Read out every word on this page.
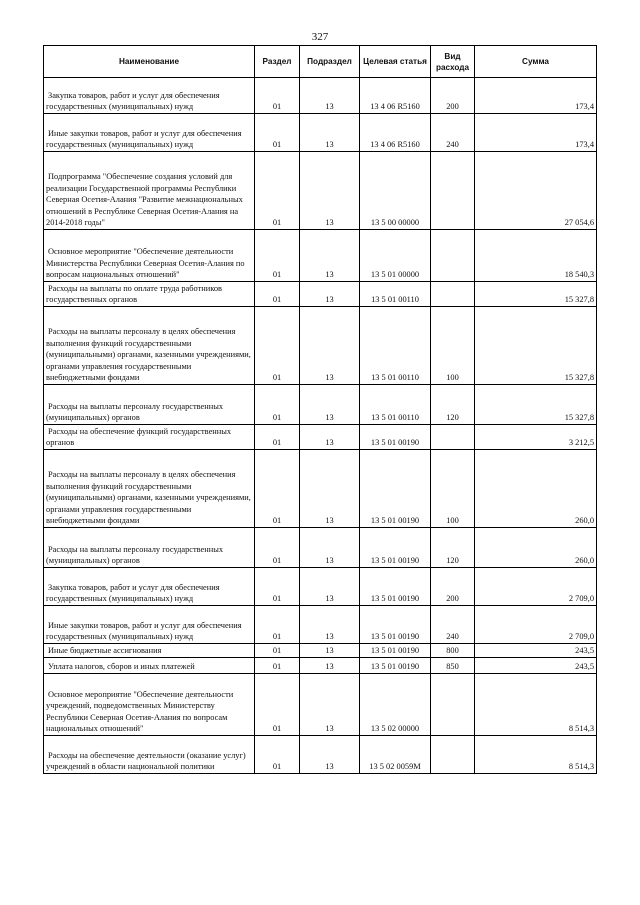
327
Наименование	Раздел	Подраздел	Целевая статья	Вид расхода	Сумма
Закупка товаров, работ и услуг для обеспечения государственных (муниципальных) нужд	01	13	13 4 06 R5160	200	173,4
Иные закупки товаров, работ и услуг для обеспечения государственных (муниципальных) нужд	01	13	13 4 06 R5160	240	173,4
Подпрограмма "Обеспечение создания условий для реализации Государственной программы Республики Северная Осетия-Алания "Развитие межнациональных отношений в Республике Северная Осетия-Алания на 2014-2018 годы"	01	13	13 5 00 00000		27 054,6
Основное мероприятие "Обеспечение деятельности Министерства Республики Северная Осетия-Алания по вопросам национальных отношений"	01	13	13 5 01 00000		18 540,3
Расходы на выплаты по оплате труда работников государственных органов	01	13	13 5 01 00110		15 327,8
Расходы на выплаты персоналу в целях обеспечения выполнения функций государственными (муниципальными) органами, казенными учреждениями, органами управления государственными внебюджетными фондами	01	13	13 5 01 00110	100	15 327,8
Расходы на выплаты персоналу государственных (муниципальных) органов	01	13	13 5 01 00110	120	15 327,8
Расходы на обеспечение функций государственных органов	01	13	13 5 01 00190		3 212,5
Расходы на выплаты персоналу в целях обеспечения выполнения функций государственными (муниципальными) органами, казенными учреждениями, органами управления государственными внебюджетными фондами	01	13	13 5 01 00190	100	260,0
Расходы на выплаты персоналу государственных (муниципальных) органов	01	13	13 5 01 00190	120	260,0
Закупка товаров, работ и услуг для обеспечения государственных (муниципальных) нужд	01	13	13 5 01 00190	200	2 709,0
Иные закупки товаров, работ и услуг для обеспечения государственных (муниципальных) нужд	01	13	13 5 01 00190	240	2 709,0
Иные бюджетные ассигнования	01	13	13 5 01 00190	800	243,5
Уплата налогов, сборов и иных платежей	01	13	13 5 01 00190	850	243,5
Основное мероприятие "Обеспечение деятельности учреждений, подведомственных Министерству Республики Северная Осетия-Алания по вопросам национальных отношений"	01	13	13 5 02 00000		8 514,3
Расходы на обеспечение деятельности (оказание услуг) учреждений в области национальной политики	01	13	13 5 02 0059М		8 514,3
